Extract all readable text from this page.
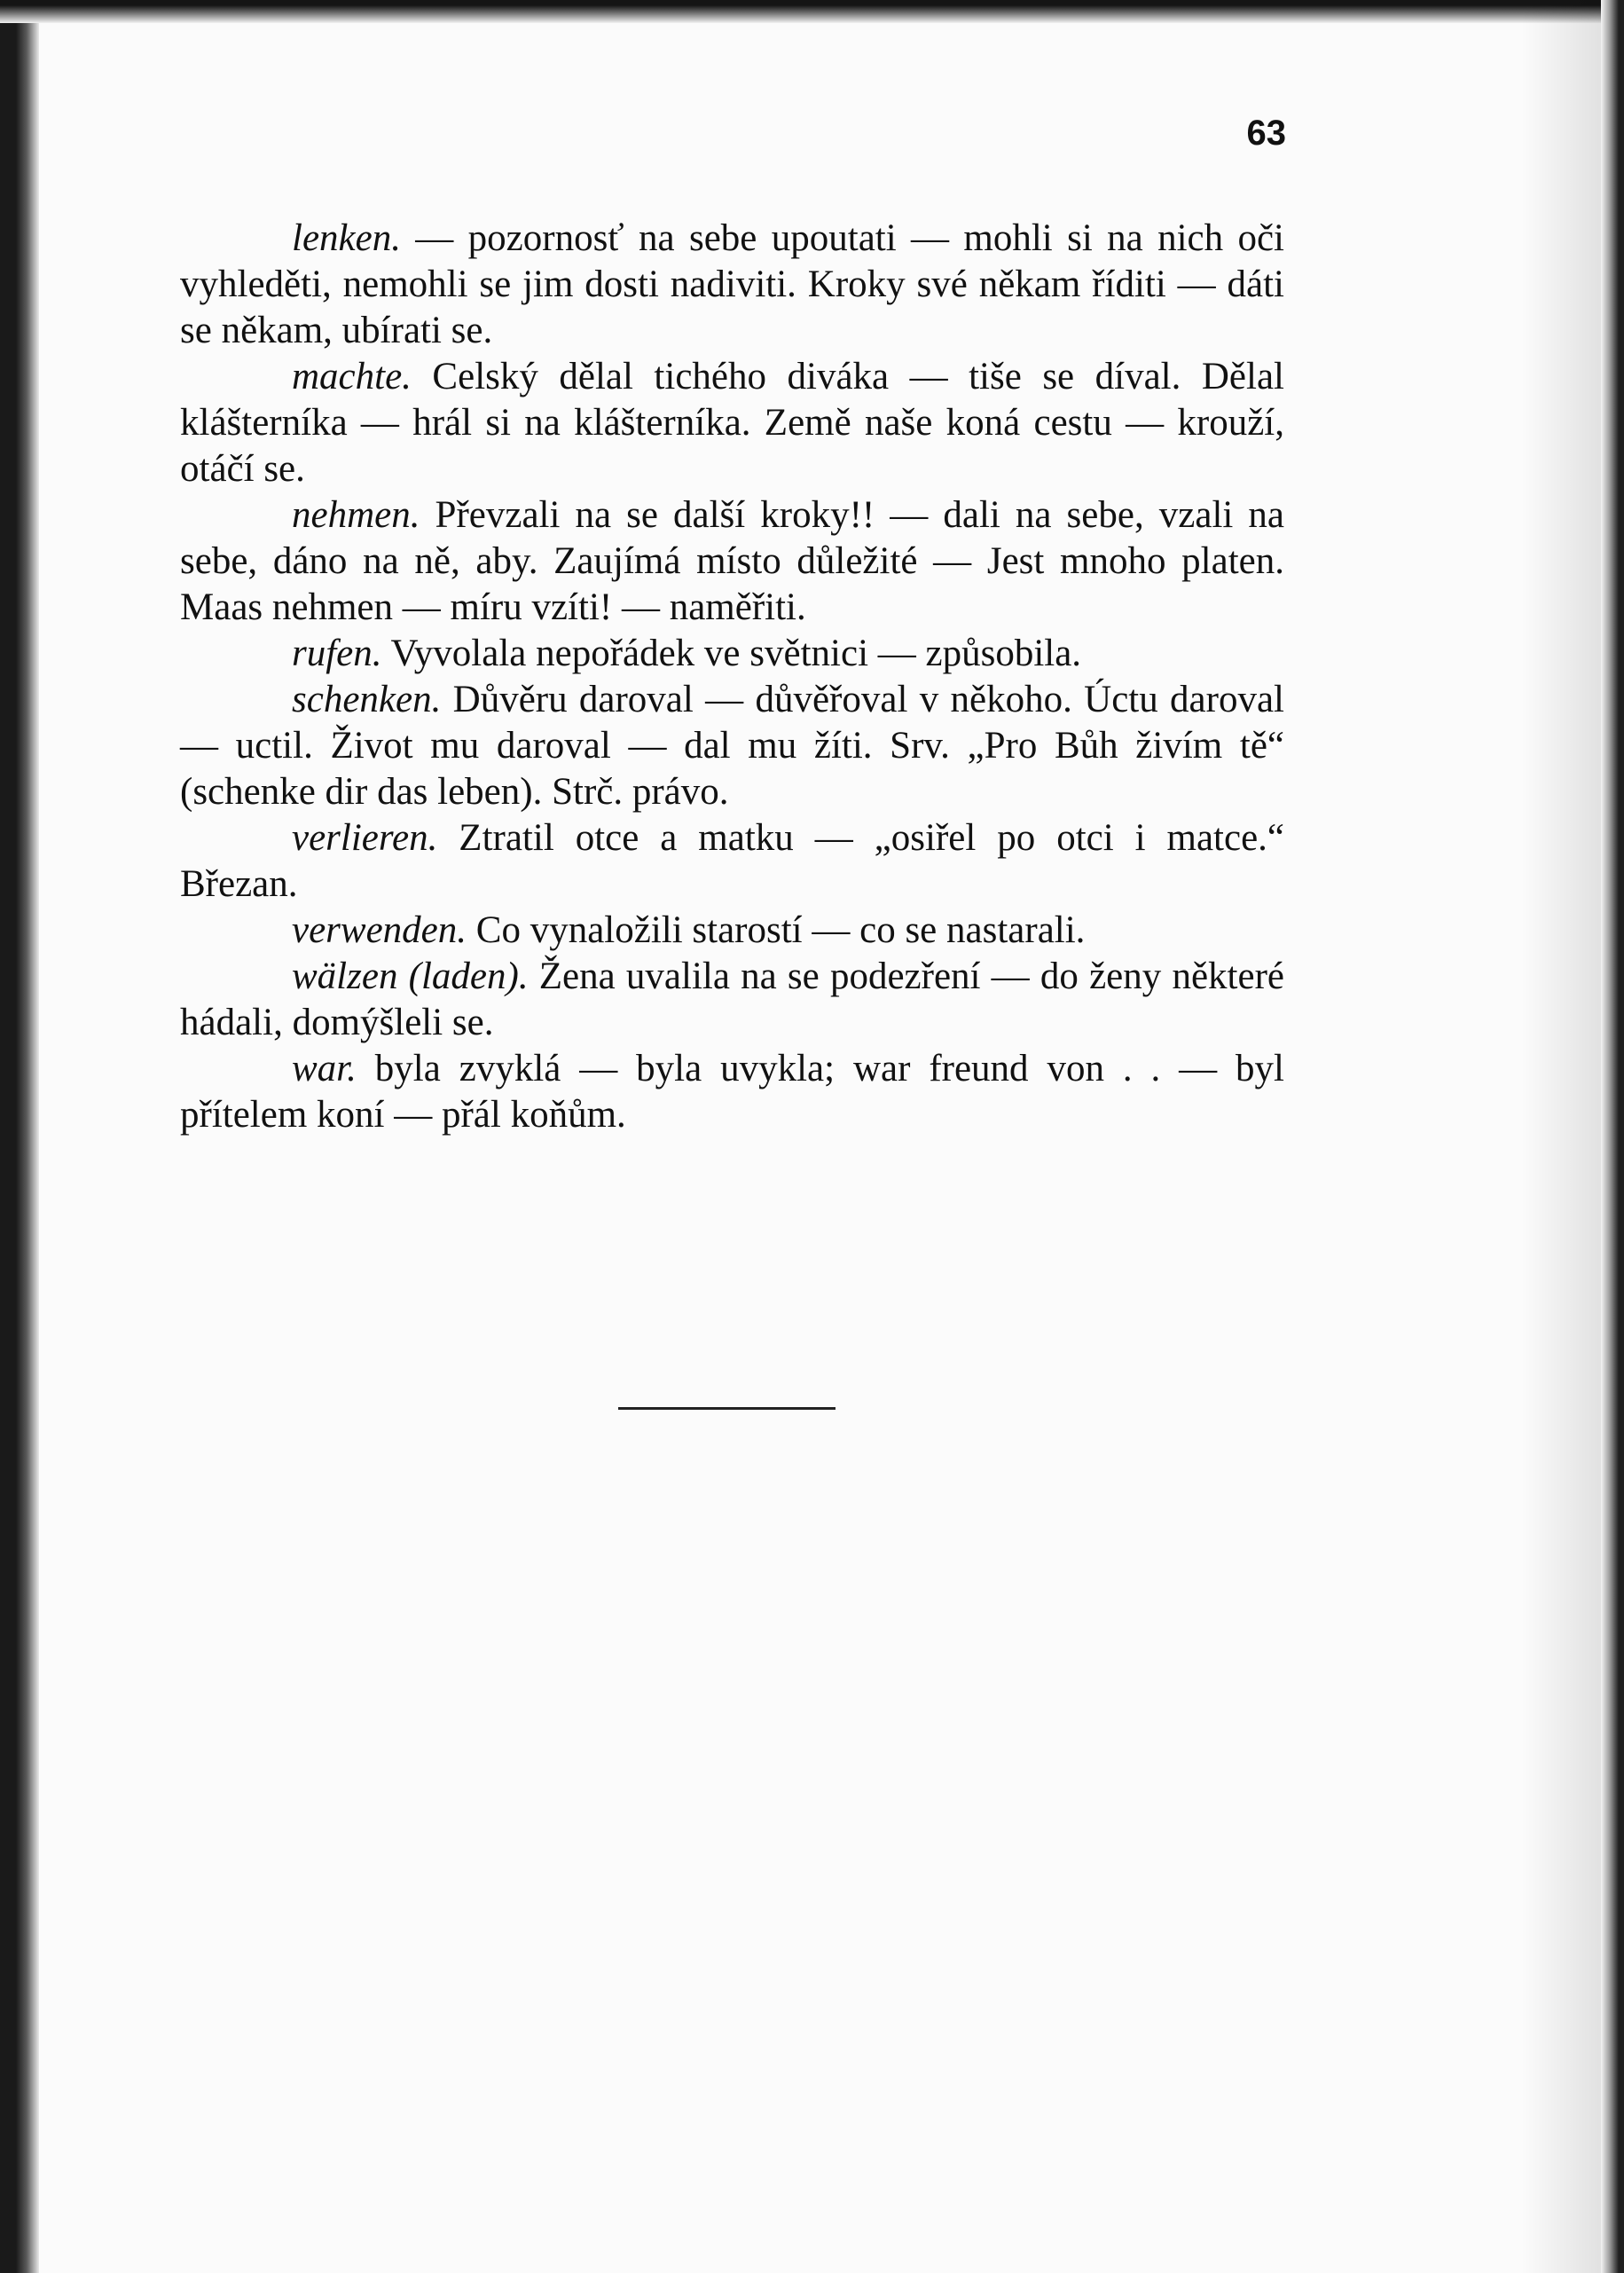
63

lenken. — pozornosť na sebe upoutati — mohli si na nich oči vyhleděti, nemohli se jim dosti nadiviti. Kroky své někam říditi — dáti se někam, ubírati se.

machte. Celský dělal tichého diváka — tiše se díval. Dělal klášterníka — hrál si na klášterníka. Země naše koná cestu — krouží, otáčí se.

nehmen. Převzali na se další kroky!! — dali na sebe, vzali na sebe, dáno na ně, aby. Zaujímá místo důležité — Jest mnoho platen. Maas nehmen — míru vzíti! — naměřiti.

rufen. Vyvolala nepořádek ve světnici — způsobila.

schenken. Důvěru daroval — důvěřoval v někoho. Úctu daroval — uctil. Život mu daroval — dal mu žíti. Srv. „Pro Bůh živím tě“ (schenke dir das leben). Strč. právo.

verlieren. Ztratil otce a matku — „osiřel po otci i matce.“ Březan.

verwenden. Co vynaložili starostí — co se nastarali.

wälzen (laden). Žena uvalila na se podezření — do ženy některé hádali, domýšleli se.

war. byla zvyklá — byla uvykla; war freund von . . — byl přítelem koní — přál koňům.
